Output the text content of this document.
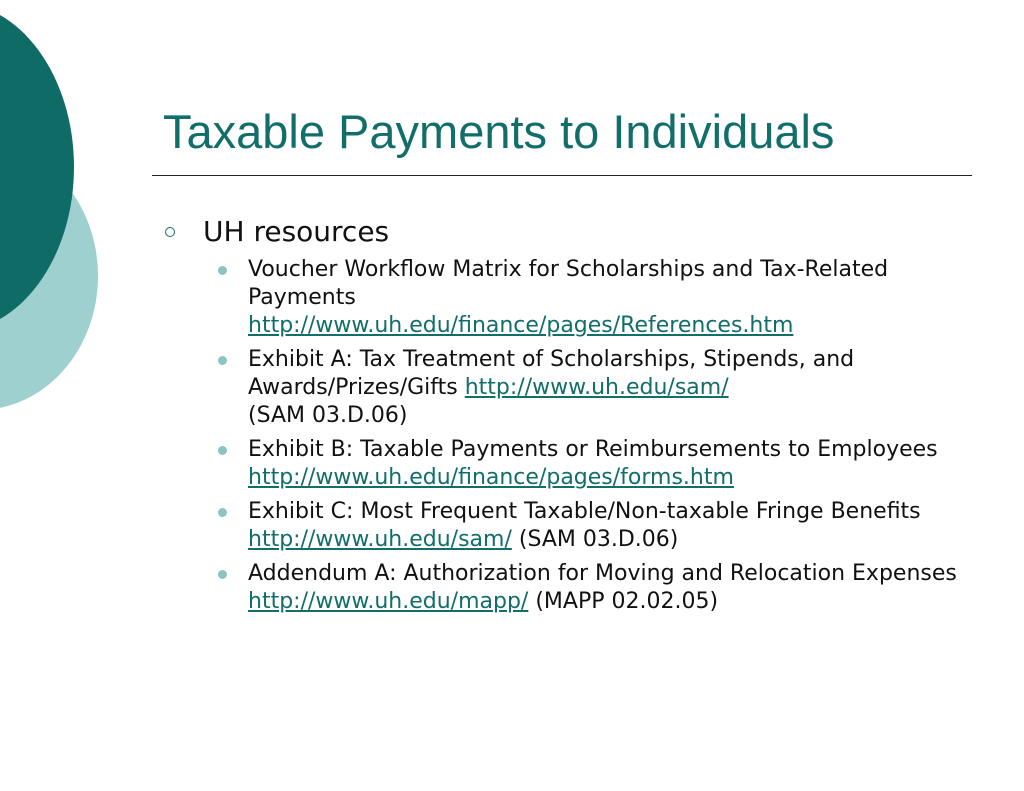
Taxable Payments to Individuals
UH resources
Voucher Workflow Matrix for Scholarships and Tax-Related Payments
http://www.uh.edu/finance/pages/References.htm
Exhibit A: Tax Treatment of Scholarships, Stipends, and Awards/Prizes/Gifts http://www.uh.edu/sam/
(SAM 03.D.06)
Exhibit B: Taxable Payments or Reimbursements to Employees
http://www.uh.edu/finance/pages/forms.htm
Exhibit C: Most Frequent Taxable/Non-taxable Fringe Benefits http://www.uh.edu/sam/ (SAM 03.D.06)
Addendum A: Authorization for Moving and Relocation Expenses http://www.uh.edu/mapp/ (MAPP 02.02.05)
